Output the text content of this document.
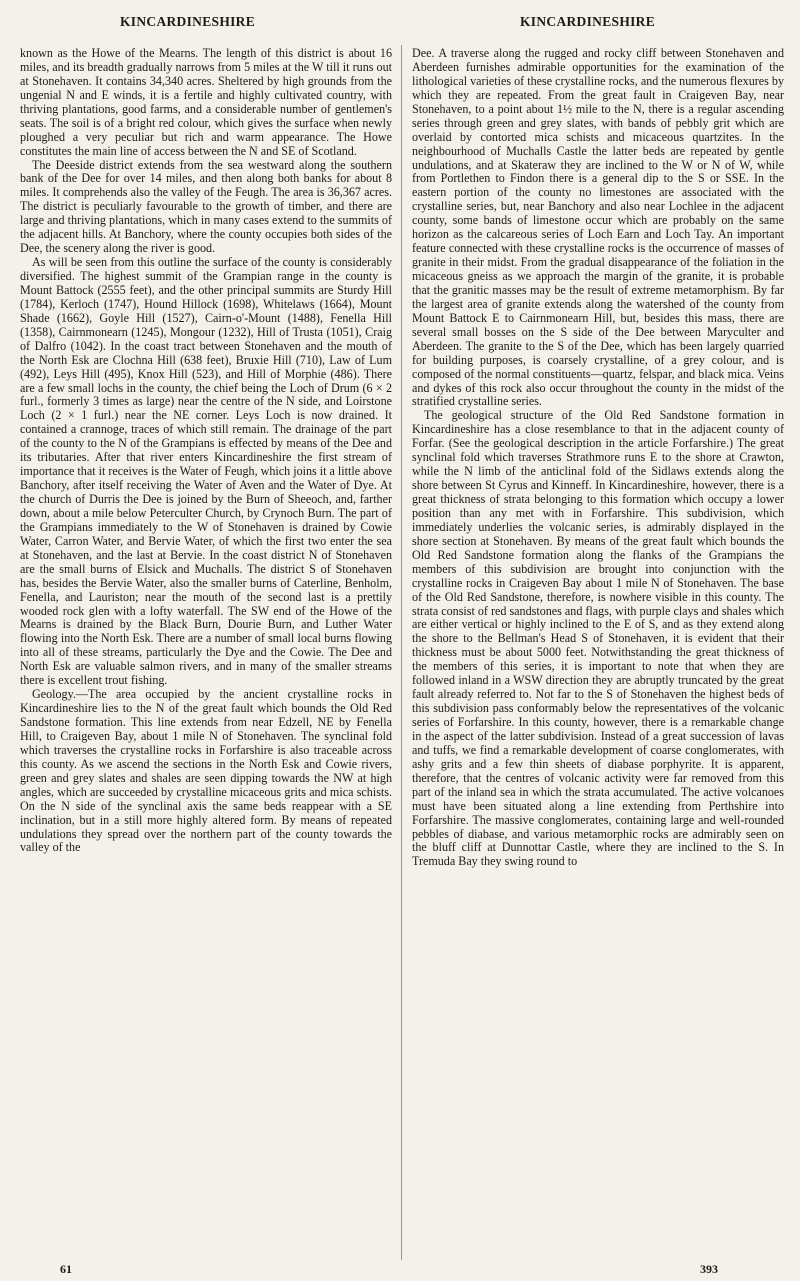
KINCARDINESHIRE	KINCARDINESHIRE

known as the Howe of the Mearns. The length of this district is about 16 miles, and its breadth gradually narrows from 5 miles at the W till it runs out at Stonehaven. It contains 34,340 acres. Sheltered by high grounds from the ungenial N and E winds, it is a fertile and highly cultivated country, with thriving plantations, good farms, and a considerable number of gentlemen's seats. The soil is of a bright red colour, which gives the surface when newly ploughed a very peculiar but rich and warm appearance. The Howe constitutes the main line of access between the N and SE of Scotland.

The Deeside district extends from the sea westward along the southern bank of the Dee for over 14 miles, and then along both banks for about 8 miles. It comprehends also the valley of the Feugh. The area is 36,367 acres. The district is peculiarly favourable to the growth of timber, and there are large and thriving plantations, which in many cases extend to the summits of the adjacent hills. At Banchory, where the county occupies both sides of the Dee, the scenery along the river is good.

As will be seen from this outline the surface of the county is considerably diversified. The highest summit of the Grampian range in the county is Mount Battock (2555 feet), and the other principal summits are Sturdy Hill (1784), Kerloch (1747), Hound Hillock (1698), Whitelaws (1664), Mount Shade (1662), Goyle Hill (1527), Cairn-o'-Mount (1488), Fenella Hill (1358), Cairnmonearn (1245), Mongour (1232), Hill of Trusta (1051), Craig of Dalfro (1042). In the coast tract between Stonehaven and the mouth of the North Esk are Clochna Hill (638 feet), Bruxie Hill (710), Law of Lum (492), Leys Hill (495), Knox Hill (523), and Hill of Morphie (486). There are a few small lochs in the county, the chief being the Loch of Drum (6 × 2 furl., formerly 3 times as large) near the centre of the N side, and Loirstone Loch (2 × 1 furl.) near the NE corner. Leys Loch is now drained. It contained a crannoge, traces of which still remain. The drainage of the part of the county to the N of the Grampians is effected by means of the Dee and its tributaries. After that river enters Kincardineshire the first stream of importance that it receives is the Water of Feugh, which joins it a little above Banchory, after itself receiving the Water of Aven and the Water of Dye. At the church of Durris the Dee is joined by the Burn of Sheeoch, and, farther down, about a mile below Peterculter Church, by Crynoch Burn. The part of the Grampians immediately to the W of Stonehaven is drained by Cowie Water, Carron Water, and Bervie Water, of which the first two enter the sea at Stonehaven, and the last at Bervie. In the coast district N of Stonehaven are the small burns of Elsick and Muchalls. The district S of Stonehaven has, besides the Bervie Water, also the smaller burns of Caterline, Benholm, Fenella, and Lauriston; near the mouth of the second last is a prettily wooded rock glen with a lofty waterfall. The SW end of the Howe of the Mearns is drained by the Black Burn, Dourie Burn, and Luther Water flowing into the North Esk. There are a number of small local burns flowing into all of these streams, particularly the Dye and the Cowie. The Dee and North Esk are valuable salmon rivers, and in many of the smaller streams there is excellent trout fishing.

Geology.—The area occupied by the ancient crystalline rocks in Kincardineshire lies to the N of the great fault which bounds the Old Red Sandstone formation. This line extends from near Edzell, NE by Fenella Hill, to Craigeven Bay, about 1 mile N of Stonehaven. The synclinal fold which traverses the crystalline rocks in Forfarshire is also traceable across this county. As we ascend the sections in the North Esk and Cowie rivers, green and grey slates and shales are seen dipping towards the NW at high angles, which are succeeded by crystalline micaceous grits and mica schists. On the N side of the synclinal axis the same beds reappear with a SE inclination, but in a still more highly altered form. By means of repeated undulations they spread over the northern part of the county towards the valley of the

Dee. A traverse along the rugged and rocky cliff between Stonehaven and Aberdeen furnishes admirable opportunities for the examination of the lithological varieties of these crystalline rocks, and the numerous flexures by which they are repeated. From the great fault in Craigeven Bay, near Stonehaven, to a point about 1½ mile to the N, there is a regular ascending series through green and grey slates, with bands of pebbly grit which are overlaid by contorted mica schists and micaceous quartzites. In the neighbourhood of Muchalls Castle the latter beds are repeated by gentle undulations, and at Skateraw they are inclined to the W or N of W, while from Portlethen to Findon there is a general dip to the S or SSE. In the eastern portion of the county no limestones are associated with the crystalline series, but, near Banchory and also near Lochlee in the adjacent county, some bands of limestone occur which are probably on the same horizon as the calcareous series of Loch Earn and Loch Tay. An important feature connected with these crystalline rocks is the occurrence of masses of granite in their midst. From the gradual disappearance of the foliation in the micaceous gneiss as we approach the margin of the granite, it is probable that the granitic masses may be the result of extreme metamorphism. By far the largest area of granite extends along the watershed of the county from Mount Battock E to Cairnmonearn Hill, but, besides this mass, there are several small bosses on the S side of the Dee between Maryculter and Aberdeen. The granite to the S of the Dee, which has been largely quarried for building purposes, is coarsely crystalline, of a grey colour, and is composed of the normal constituents—quartz, felspar, and black mica. Veins and dykes of this rock also occur throughout the county in the midst of the stratified crystalline series.

The geological structure of the Old Red Sandstone formation in Kincardineshire has a close resemblance to that in the adjacent county of Forfar. (See the geological description in the article Forfarshire.) The great synclinal fold which traverses Strathmore runs E to the shore at Crawton, while the N limb of the anticlinal fold of the Sidlaws extends along the shore between St Cyrus and Kinneff. In Kincardineshire, however, there is a great thickness of strata belonging to this formation which occupy a lower position than any met with in Forfarshire. This subdivision, which immediately underlies the volcanic series, is admirably displayed in the shore section at Stonehaven. By means of the great fault which bounds the Old Red Sandstone formation along the flanks of the Grampians the members of this subdivision are brought into conjunction with the crystalline rocks in Craigeven Bay about 1 mile N of Stonehaven. The base of the Old Red Sandstone, therefore, is nowhere visible in this county. The strata consist of red sandstones and flags, with purple clays and shales which are either vertical or highly inclined to the E of S, and as they extend along the shore to the Bellman's Head S of Stonehaven, it is evident that their thickness must be about 5000 feet. Notwithstanding the great thickness of the members of this series, it is important to note that when they are followed inland in a WSW direction they are abruptly truncated by the great fault already referred to. Not far to the S of Stonehaven the highest beds of this subdivision pass conformably below the representatives of the volcanic series of Forfarshire. In this county, however, there is a remarkable change in the aspect of the latter subdivision. Instead of a great succession of lavas and tuffs, we find a remarkable development of coarse conglomerates, with ashy grits and a few thin sheets of diabase porphyrite. It is apparent, therefore, that the centres of volcanic activity were far removed from this part of the inland sea in which the strata accumulated. The active volcanoes must have been situated along a line extending from Perthshire into Forfarshire. The massive conglomerates, containing large and well-rounded pebbles of diabase, and various metamorphic rocks are admirably seen on the bluff cliff at Dunnottar Castle, where they are inclined to the S. In Tremuda Bay they swing round to

61	393
